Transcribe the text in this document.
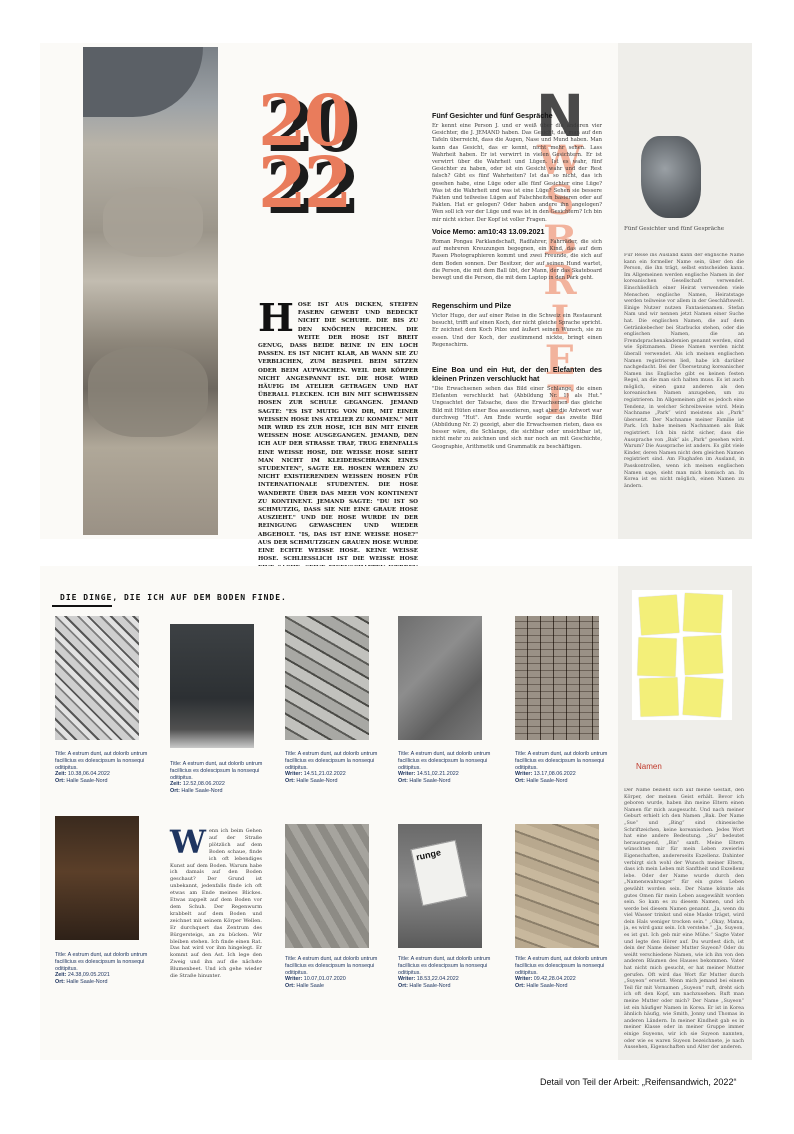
20
22
H OSE IST AUS DICKEN, STEIFEN FASERN GEWEBT UND BEDECKT NICHT DIE SCHUHE. DIE BIS ZU DEN KNÖCHEN REICHEN. DIE WEITE DER HOSE IST BREIT GENUG, DASS BEIDE BEINE IN EIN LOCH PASSEN. ES IST NICHT KLAR, AB WANN SIE ZU VERBLICHEN, ZUM BEISPIEL BEIM SITZEN ODER BEIM AUFWACHEN. WEIL DER KÖRPER NICHT ANGESPANNT IST. DIE HOSE WIRD HÄUFIG IM ATELIER GETRAGEN UND HAT ÜBERALL FLECKEN. ICH BIN MIT SCHWEISSEN HOSEN ZUR SCHULE GEGANGEN. JEMAND SAGTE: "ES IST MUTIG VON DIR, MIT EINER WEISSEN HOSE INS ATELIER ZU KOMMEN." MIT MIR WIRD ES ZUR HOSE, ICH BIN MIT EINER WEISSEN HOSE AUSGEGANGEN. JEMAND, DEN ICH AUF DER STRASSE TRAF, TRUG EBENFALLS EINE WEISSE HOSE, DIE WEISSE HOSE SIEHT MAN NICHT IM KLEIDERSCHRANK EINES STUDENTEN", SAGTE ER. HOSEN WERDEN ZU NICHT EXISTIERENDEN WEISSEN HOSEN FÜR INTERNATIONALE STUDENTEN. DIE HOSE WANDERTE ÜBER DAS MEER VON KONTINENT ZU KONTINENT. JEMAND SAGTE: "DU IST SO SCHMUTZIG, DASS SIE NIE EINE GRAUE HOSE AUSZIEHT." UND DIE HOSE WURDE IN DER REINIGUNG GEWASCHEN UND WIEDER ABGEHOLT. "IS, DAS IST EINE WEISSE HOSE?" AUS DER SCHMUTZIGEN GRAUEN HOSE WURDE EINE ECHTE WEISSE HOSE. KEINE WEISSE HOSE. SCHLIESSLICH IST DIE WEISSE HOSE
N
W
S
B
R
I
E
F
Fünf Gesichter und fünf Gespräche

Er kennt eine Person J. und er weiß über die anderen vier Gesichter, die J. JEMAND haben. Das Gesicht, das man auf den Tafeln überreicht, dass die Augen, Nase und Mund haben. Man kann das Gesicht, das er kennt, nicht mehr sehen. Lass Wahrheit haben. Er ist verwirrt in vielen Gesichtern. Er ist verwirrt über die Wahrheit und Lügen. Ist es wahr, fünf Gesichter zu haben, oder ist ein Gesicht wahr und der Rest falsch? Gibt es fünf Wahrheiten? Ist das so nicht, das ich gesehen habe, eine Lüge oder alle fünf Gesichter eine Lüge? Was ist die Wahrheit und was ist eine Lüge? Sehen sie bessere Fakten und teilweise Lügen auf Falschheiten basieren oder auf Fakten. Hat er gelogen? Oder haben andere ihn angelogen? Wen soll ich vor der Lüge und was ist in den Gesichtern? Ich bin mir nicht sicher. Der Kopf ist voller Fragen.

Voice Memo: am10:43 13.09.2021

Roman Pongau Parklandschaft, Radfahrer, Fahrräder, die sich auf mehreren Kreuzungen begegnen, ein Kind, das auf dem Rasen Photographieren kommt und zwei Freunde, die sich auf dem Boden sonnen. Der Besitzer, der auf seinen Hund wartet, die Person, die mit dem Ball übt, der Mann, der das Skateboard bewegt und die Person, die mit dem Laptop in den Park geht.

Regenschirm und Pilze

Victor Hugo, der auf einer Reise in die Schweiz ein Restaurant besucht, trifft auf einen Koch, der nicht gleiche Sprache spricht. Er zeichnet dem Koch Pilze und äußert seinen Wunsch, sie zu essen. Und der Koch, der zustimmend nickte, bringt einen Regenschirm.

Eine Boa und ein Hut, der den Elefanten des kleinen Prinzen verschluckt hat

"Die Erwachsenen sehen das Bild einer Schlange, die einen Elefanten verschluckt hat (Abbildung Nr. 1) als Hut." Ungeachtet der Tatsache, dass die Erwachsenen das gleiche Bild mit Hüten einer Boa assoziieren, sagt aber die Antwort war durchweg "Hut". Am Ende wurde sogar das zweite Bild (Abbildung Nr. 2) gezeigt, aber die Erwachsenen rieten, dass es besser wäre, die Schlange, die sichtbar oder unsichtbar ist, nicht mehr zu zeichnen und sich nur noch an mit Geschichte, Geographie, Arithmetik und Grammatik zu beschäftigen.

Fünf Gesichter und fünf Gespräche
Für Reise ins Ausland kann der englische Name kann ein formeller Name sein, über den die Person, die ihn trägt, selbst entscheiden kann. Im Allgemeinen werden englische Namen in der koreanischen Gesellschaft verwendet. Einschließlich einer Heirat verwenden viele Menschen englische Namen, Heiratstage werden teilweise vor allem in der Geschäftswelt. Einige Nutzer nutzen Fantasienamen. Stefan Nam und wir nennen jetzt Namen einer Suche hat. Die englischen Namen, die auf dem Getränkebecher bei Starbucks stehen, oder die englischen Namen, die an Fremdsprachenakademien genannt werden, sind wie Spitznamen. Diese Namen werden nicht überall verwendet. Als ich meinen englischen Namen registrieren ließ, habe ich darüber nachgedacht. Bei der Übersetzung koreanischer Namen ins Englische gibt es keinen festen Regel, an die man sich halten muss. Es ist auch möglich, einen ganz anderen als den koreanischen Namen anzugeben, um zu registrieren. Im Allgemeinen gibt es jedoch eine Tendenz, in welcher Schreibweise wird. Mein Nachname „Park“ wird meistens als „Park“ übersetzt. Der Nachname meiner Familie ist Park. Ich habe meinen Nachnamen als Bak registriert. Ich bin nicht sicher, dass die Aussprache von „Bak“ als „Park“ gesehen wird. Warum? Die Aussprache ist anders. Es gibt viele Kinder, deren Namen nicht dem gleichen Namen registriert sind. Am Flughafen im Ausland, in Passkontrollen, wenn ich meinen englischen Namen sage, sieht man mich komisch an. In Korea ist es nicht möglich, einen Namen zu ändern.
DIE DINGE, DIE ICH AUF DEM BODEN FINDE.
Title: A estrum dunt, aut dolorib untrum facillicius es dolescipsum la nonsequi oditipitus.
Zeit: 10.38,06.04.2022
Ort: Halle Saale-Nord
Title: A estrum dunt, aut dolorib untrum facillicius es dolescipsum la nonsequi oditipitus.
Zeit: 12.52,08.06.2022
Ort: Halle Saale-Nord
Title: A estrum dunt, aut dolorib untrum facillicius es dolescipsum la nonsequi oditipitus.
Writer: 14.51,21.02.2022
Ort: Halle Saale-Nord
Title: A estrum dunt, aut dolorib untrum facillicius es dolescipsum la nonsequi oditipitus.
Writer: 14.51,02.21.2022
Ort: Halle Saale-Nord
Title: A estrum dunt, aut dolorib untrum facillicius es dolescipsum la nonsequi oditipitus.
Writer: 13.17,08.06.2022
Ort: Halle Saale-Nord
W enn ich beim Gehen auf der Straße plötzlich auf dem Boden schaue, finde ich oft lebendiges Kunst auf dem Boden. Warum habe ich damals auf den Boden geschaut? Der Grund ist unbekannt, jedenfalls finde ich oft etwas am Ende meines Blickes. Etwas zappelt auf dem Boden vor dem Schuh. Der Regenwurm krabbelt auf dem Boden und zeichnet mit seinem Körper Wellen. Er durchquert das Zentrum des Bürgersteigs, an zu bücken. Wir bleiben stehen. Ich finde einen Rat. Das hat wird vor ihm hingelegt. Er kommt auf den Ast. Ich lege den Zweig und ihn auf die nächste Blumenbeet. Und ich gehe wieder die Straße hinunter.
runge
Title: A estrum dunt, aut dolorib untrum facillicius es dolescipsum la nonsequi oditipitus.
Zeit: 24.38,09.05.2021
Ort: Halle Saale-Nord
Title: A estrum dunt, aut dolorib untrum facillicius es dolescipsum la nonsequi oditipitus.
Writer: 10.07,01.07.2020
Ort: Halle Saale
Title: A estrum dunt, aut dolorib untrum facillicius es dolescipsum la nonsequi oditipitus.
Writer: 18.53,22.04.2022
Ort: Halle Saale-Nord
Title: A estrum dunt, aut dolorib untrum facillicius es dolescipsum la nonsequi oditipitus.
Writer: 09.42,28.04.2022
Ort: Halle Saale-Nord
Namen
Der Name bezieht sich auf meine Gestalt, den Körper, der meinen Geist erhält. Bevor ich geboren wurde, haben ihn meine Eltern einen Namen für mich ausgesucht. Und nach meiner Geburt erhielt ich den Namen „Bak. Der Name „Sue“ und „Bing“ sind chinesische Schriftzeichen, keine koreanischen. Jedes Wort hat eine andere Bedeutung. „Su“ bedeutet herausragend, „Bin“ sanft. Meine Eltern wünschten mir für mein Leben zweierlei Eigenschaften, andererseits Exzellenz. Dahinter verbirgt sich wohl der Wunsch meiner Eltern, dass ich mein Leben mit Sanftheit und Exzellenz lebe. Oder der Name wurde durch den „Namenswahrsager“ für ein gutes Leben gewählt worden sein. Der Name könnte als gutes Omen für mein Leben ausgewählt worden sein. So kam es zu diesem Namen, und ich werde bei diesem Namen genannt. „Ja, wenn du viel Wasser trinkst und eine Maske trägst, wird dein Hals weniger trocken sein.“ „Okay, Mama, ja, es wird ganz sein. Ich verstehe.“ „Ja, Suyeon, es ist gut. Ich geb mir eine Mühe.“ Sagte Vater und legte den Hörer auf. Du wurdest dich, ist dein der Name deiner Mutter Suyeon? Oder du weißt verschiedene Namen, wie ich ihn von den anderen Bäumen des Hauses bekommen. Vater hat nicht mich gesucht, er hat meiner Mutter gerufen. Oft wird das Wort für Mutter durch „Suyeon“ ersetzt. Wenn mich jemand bei einem Teil für mit Vornamen „Suyeon“ ruft, dreht sich ich oft den Kopf, um nachzusehen. Ruft man meine Mutter oder mich? Der Name „Suyeon“ ist ein häufiger Namen in Korea. Er ist in Korea ähnlich häufig, wie Smith, Jonny und Thomas in anderen Ländern. In meiner Kindheit gab es in meiner Klasse oder in meiner Gruppe immer einige Suyeons, wir ich sie Suyeon nannten, oder wie es waren Suyeon bezeichnete, je nach Aussehen, Eigenschaften und Alter der anderen.
Detail von Teil der Arbeit: „Reifensandwich, 2022“
